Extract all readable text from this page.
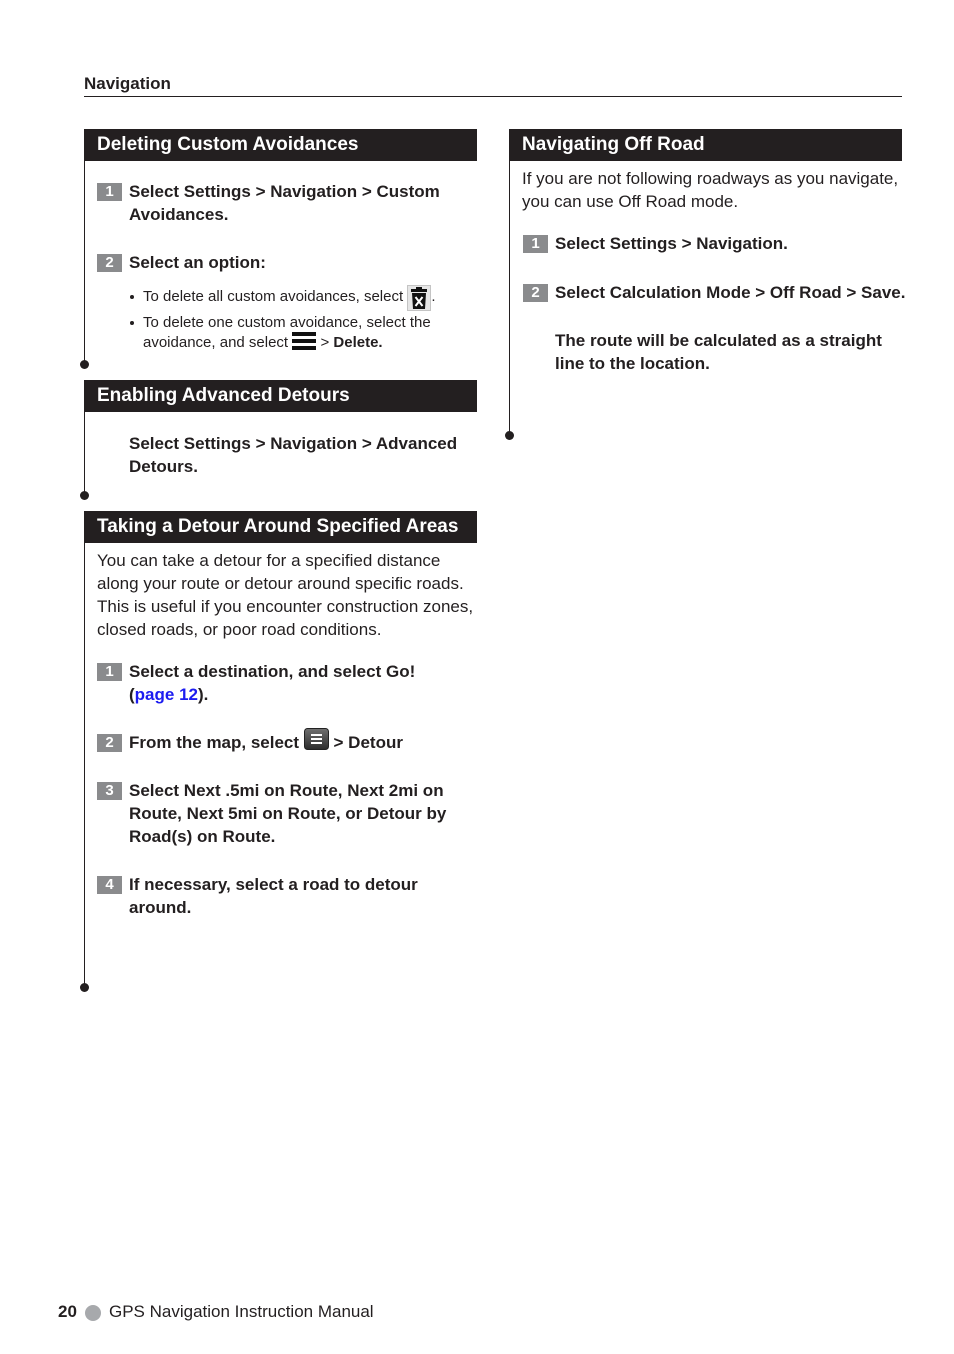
Navigation
Deleting Custom Avoidances
1 Select Settings > Navigation > Custom Avoidances.
2 Select an option:
To delete all custom avoidances, select .
To delete one custom avoidance, select the avoidance, and select > Delete.
Enabling Advanced Detours
Select Settings > Navigation > Advanced Detours.
Taking a Detour Around Specified Areas
You can take a detour for a specified distance along your route or detour around specific roads. This is useful if you encounter construction zones, closed roads, or poor road conditions.
1 Select a destination, and select Go! (page 12).
2 From the map, select > Detour
3 Select Next .5mi on Route, Next 2mi on Route, Next 5mi on Route, or Detour by Road(s) on Route.
4 If necessary, select a road to detour around.
Navigating Off Road
If you are not following roadways as you navigate, you can use Off Road mode.
1 Select Settings > Navigation.
2 Select Calculation Mode > Off Road > Save.
The route will be calculated as a straight line to the location.
20 GPS Navigation Instruction Manual
